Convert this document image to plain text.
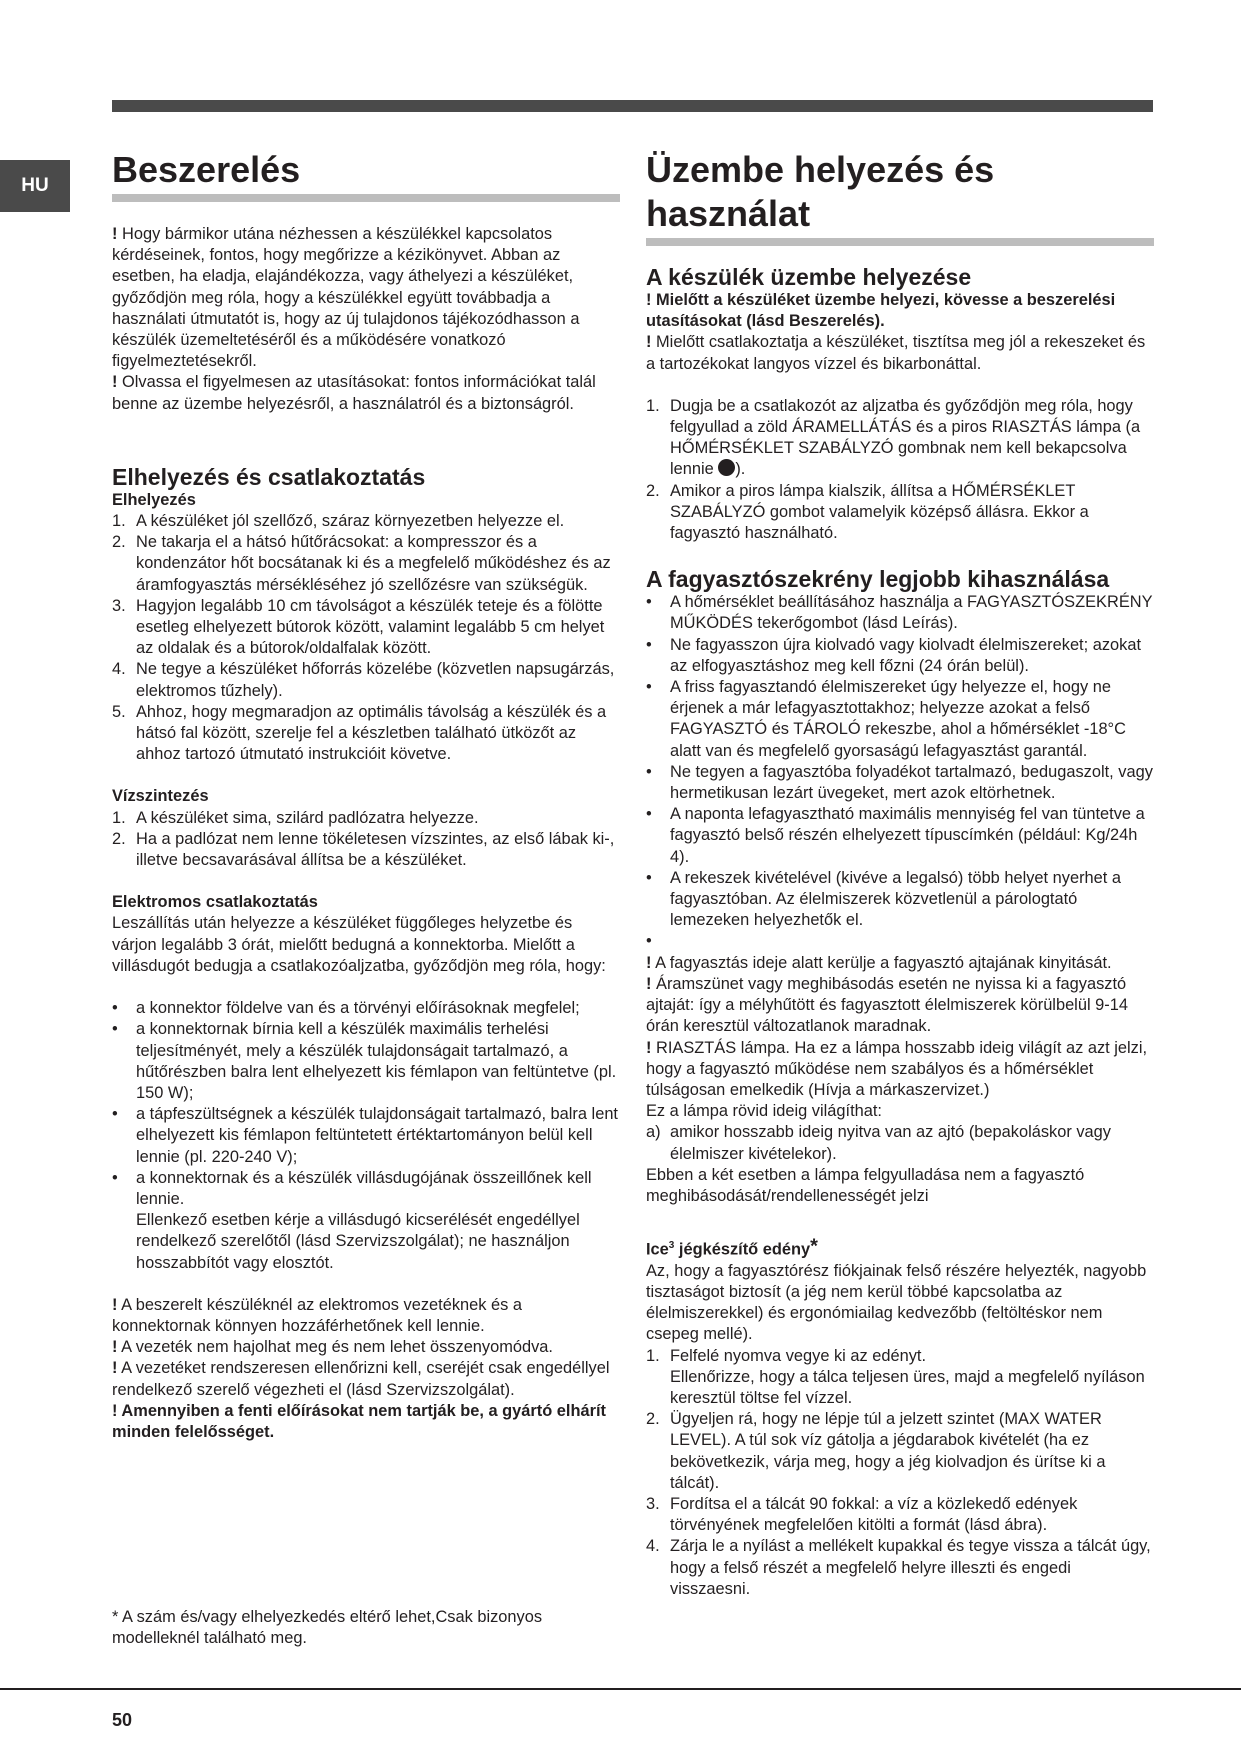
HU Beszerelés

! Hogy bármikor utána nézhessen a készülékkel kapcsolatos kérdéseinek, fontos, hogy megőrizze a kézikönyvet. Abban az esetben, ha eladja, elajándékozza, vagy áthelyezi a készüléket, győződjön meg róla, hogy a készülékkel együtt továbbadja a használati útmutatót is, hogy az új tulajdonos tájékozódhasson a készülék üzemeltetéséről és a működésére vonatkozó figyelmeztetésekről.

! Olvassa el figyelmesen az utasításokat: fontos információkat talál benne az üzembe helyezésről, a használatról és a biztonságról.

Elhelyezés és csatlakoztatás
Elhelyezés
1. A készüléket jól szellőző, száraz környezetben helyezze el.
2. Ne takarja el a hátsó hűtőrácsokat: a kompresszor és a kondenzátor hőt bocsátanak ki és a megfelelő működéshez és az áramfogyasztás mérsékléséhez jó szellőzésre van szükségük.
3. Hagyjon legalább 10 cm távolságot a készülék teteje és a fölötte esetleg elhelyezett bútorok között, valamint legalább 5 cm helyet az oldalak és a bútorok/oldalfalak között.
4. Ne tegye a készüléket hőforrás közelébe (közvetlen napsugárzás, elektromos tűzhely).
5. Ahhoz, hogy megmaradjon az optimális távolság a készülék és a hátsó fal között, szerelje fel a készletben található ütközőt az ahhoz tartozó útmutató instrukcióit követve.
Vízszintezés
1. A készüléket sima, szilárd padlózatra helyezze.
2. Ha a padlózat nem lenne tökéletesen vízszintes, az első lábak ki-, illetve becsavarásával állítsa be a készüléket.
Elektromos csatlakoztatás

Leszállítás után helyezze a készüléket függőleges helyzetbe és várjon legalább 3 órát, mielőtt bedugná a konnektorba. Mielőtt a villásdugót bedugja a csatlakozóaljzatba, győződjön meg róla, hogy:

• a konnektor földelve van és a törvényi előírásoknak megfelel;
• a konnektornak bírnia kell a készülék maximális terhelési teljesítményét, mely a készülék tulajdonságait tartalmazó, a hűtőrészben balra lent elhelyezett kis fémlapon van feltüntetve (pl. 150 W);
• a tápfeszültségnek a készülék tulajdonságait tartalmazó, balra lent elhelyezett kis fémlapon feltüntetett értéktartományon belül kell lennie (pl. 220-240 V);
• a konnektornak és a készülék villásdugójának összeillőnek kell lennie.

Ellenkező esetben kérje a villásdugó kicserélését engedéllyel rendelkező szerelőtől (lásd Szervizszolgálat); ne használjon hosszabbítót vagy elosztót.

! A beszerelt készüléknél az elektromos vezetéknek és a konnektornak könnyen hozzáférhetőnek kell lennie.

! A vezeték nem hajolhat meg és nem lehet összenyomódva.

! A vezetéket rendszeresen ellenőrizni kell, cseréjét csak engedéllyel rendelkező szerelő végezheti el (lásd Szervizszolgálat).

! Amennyiben a fenti előírásokat nem tartják be, a gyártó elhárít minden felelősséget.

* A szám és/vagy elhelyezkedés eltérő lehet,Csak bizonyos modelleknél található meg.
Üzembe helyezés és
használat
A készülék üzembe helyezése

! Mielőtt a készüléket üzembe helyezi, kövesse a beszerelési utasításokat (lásd Beszerelés).

! Mielőtt csatlakoztatja a készüléket, tisztítsa meg jól a rekeszeket és a tartozékokat langyos vízzel és bikarbonáttal.

1. Dugja be a csatlakozót az aljzatba és győződjön meg róla, hogy felgyullad a zöld ÁRAMELLÁTÁS és a piros RIASZTÁS lámpa (a HŐMÉRSÉKLET SZABÁLYZÓ gombnak nem kell bekapcsolva lennie ).
2. Amikor a piros lámpa kialszik, állítsa a HŐMÉRSÉKLET SZABÁLYZÓ gombot valamelyik középső állásra. Ekkor a fagyasztó használható.
A fagyasztószekrény legjobb kihasználása
• A hőmérséklet beállításához használja a FAGYASZTÓSZEKRÉNY MŰKÖDÉS tekerőgombot (lásd Leírás).
• Ne fagyasszon újra kiolvadó vagy kiolvadt élelmiszereket; azokat az elfogyasztáshoz meg kell főzni (24 órán belül).
• A friss fagyasztandó élelmiszereket úgy helyezze el, hogy ne érjenek a már lefagyasztottakhoz; helyezze azokat a felső FAGYASZTÓ és TÁROLÓ rekeszbe, ahol a hőmérséklet -18°C alatt van és megfelelő gyorsaságú lefagyasztást garantál.
• Ne tegyen a fagyasztóba folyadékot tartalmazó, bedugaszolt, vagy hermetikusan lezárt üvegeket, mert azok eltörhetnek.
• A naponta lefagyasztható maximális mennyiség fel van tüntetve a fagyasztó belső részén elhelyezett típuscímkén (például: Kg/24h 4).
• A rekeszek kivételével (kivéve a legalsó) több helyet nyerhet a fagyasztóban. Az élelmiszerek közvetlenül a párologtató lemezeken helyezhetők el.
•

! A fagyasztás ideje alatt kerülje a fagyasztó ajtajának kinyitását.

! Áramszünet vagy meghibásodás esetén ne nyissa ki a fagyasztó ajtaját: így a mélyhűtött és fagyasztott élelmiszerek körülbelül 9-14 órán keresztül változatlanok maradnak.

! RIASZTÁS lámpa. Ha ez a lámpa hosszabb ideig világít az azt jelzi, hogy a fagyasztó működése nem szabályos és a hőmérséklet túlságosan emelkedik (Hívja a márkaszervizet.)

Ez a lámpa rövid ideig világíthat:

a) amikor hosszabb ideig nyitva van az ajtó (bepakoláskor vagy élelmiszer kivételekor).

Ebben a két esetben a lámpa felgyulladása nem a fagyasztó meghibásodását/rendellenességét jelzi

Ice$^3$ jégkészítő edény*

Az, hogy a fagyasztórész fiókjainak felső részére helyezték, nagyobb tisztaságot biztosít (a jég nem kerül többé kapcsolatba az élelmiszerekkel) és ergonómiailag kedvezőbb (feltöltéskor nem csepeg mellé).

1. Felfelé nyomva vegye ki az edényt.
Ellenőrizze, hogy a tálca teljesen üres, majd a megfelelő nyíláson keresztül töltse fel vízzel.
2. Ügyeljen rá, hogy ne lépje túl a jelzett szintet (MAX WATER LEVEL). A túl sok víz gátolja a jégdarabok kivételét (ha ez bekövetkezik, várja meg, hogy a jég kiolvadjon és ürítse ki a tálcát).
3. Fordítsa el a tálcát 90 fokkal: a víz a közlekedő edények törvényének megfelelően kitölti a formát (lásd ábra).
4. Zárja le a nyílást a mellékelt kupakkal és tegye vissza a tálcát úgy, hogy a felső részét a megfelelő helyre illeszti és engedi visszaesni.
50
